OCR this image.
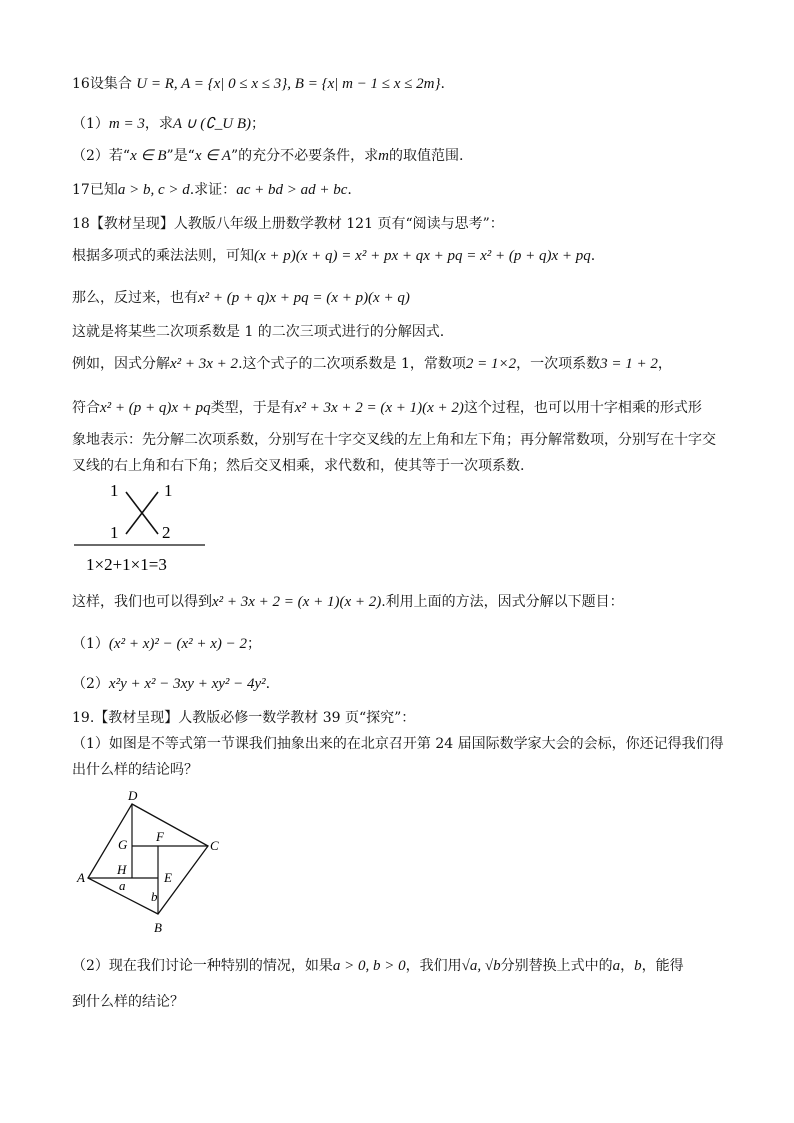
16设集合 U = R, A = {x| 0 ≤ x ≤ 3}, B = {x| m − 1 ≤ x ≤ 2m}.
（1）m = 3，求A ∪ (∁_U B)；
（2）若“x ∈ B”是“x ∈ A”的充分不必要条件，求m的取值范围.
17已知a > b, c > d.求证：ac + bd > ad + bc.
18【教材呈现】人教版八年级上册数学教材 121 页有“阅读与思考”：
根据多项式的乘法法则，可知(x + p)(x + q) = x² + px + qx + pq = x² + (p + q)x + pq.
那么，反过来，也有x² + (p + q)x + pq = (x + p)(x + q)
这就是将某些二次项系数是 1 的二次三项式进行的分解因式.
例如，因式分解x² + 3x + 2.这个式子的二次项系数是 1，常数项2 = 1×2，一次项系数3 = 1 + 2，
符合x² + (p + q)x + pq类型，于是有x² + 3x + 2 = (x + 1)(x + 2)这个过程，也可以用十字相乘的形式形
象地表示：先分解二次项系数，分别写在十字交叉线的左上角和左下角；再分解常数项，分别写在十字交
叉线的右上角和右下角；然后交叉相乘，求代数和，使其等于一次项系数.
1	1
1	2
1×2+1×1=3
这样，我们也可以得到x² + 3x + 2 = (x + 1)(x + 2).利用上面的方法，因式分解以下题目：
（1）(x² + x)² − (x² + x) − 2；
（2）x²y + x² − 3xy + xy² − 4y².
19.【教材呈现】人教版必修一数学教材 39 页“探究”：
（1）如图是不等式第一节课我们抽象出来的在北京召开第 24 届国际数学家大会的会标，你还记得我们得
出什么样的结论吗？
D
C
B
A
G
F
H
E
a
b
（2）现在我们讨论一种特别的情况，如果a > 0, b > 0，我们用√a, √b分别替换上式中的a，b，能得
到什么样的结论？
